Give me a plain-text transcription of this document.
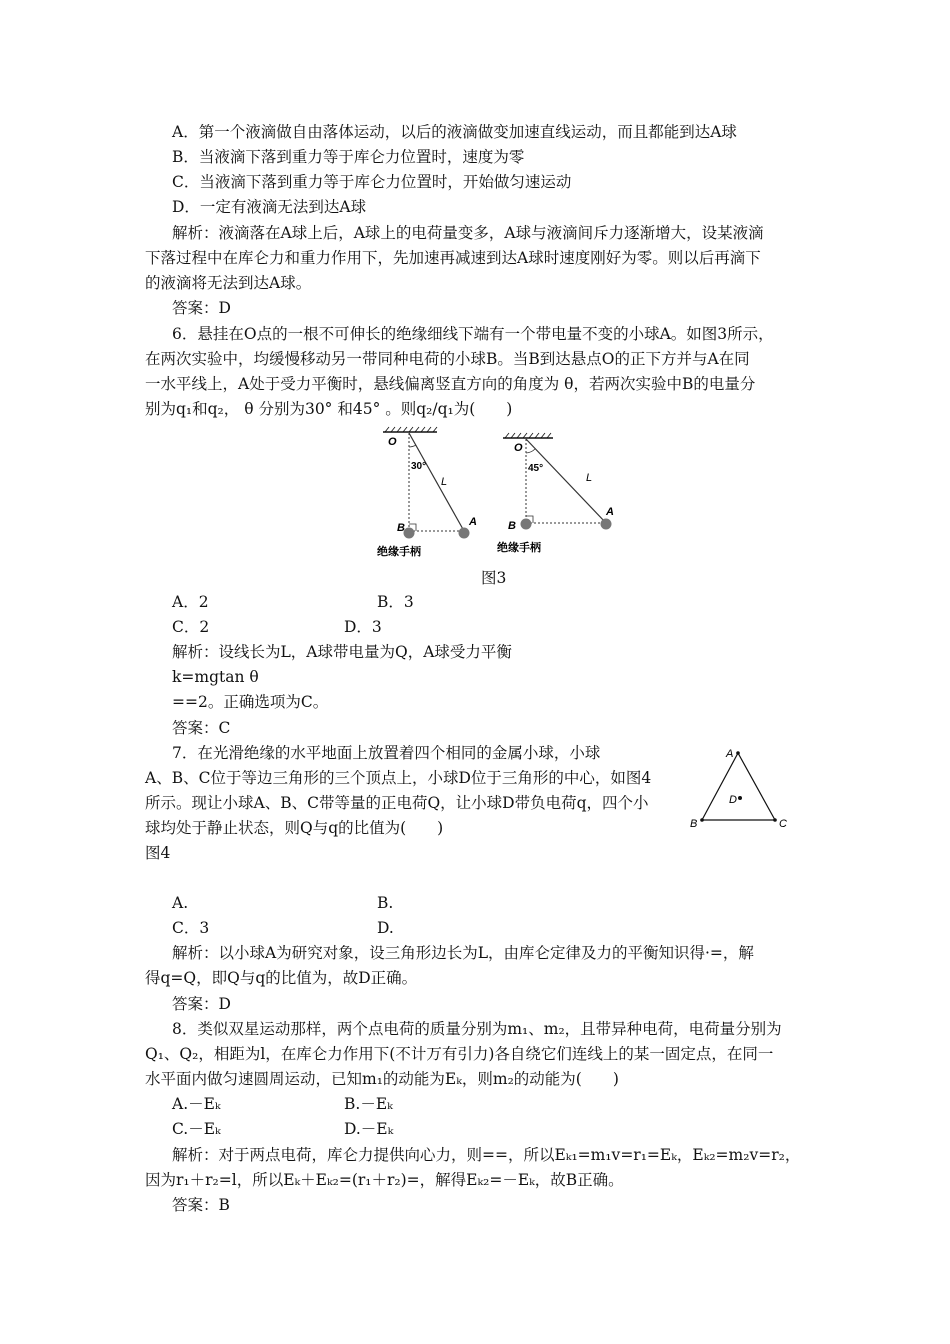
A．第一个液滴做自由落体运动，以后的液滴做变加速直线运动，而且都能到达A球
B．当液滴下落到重力等于库仑力位置时，速度为零
C．当液滴下落到重力等于库仑力位置时，开始做匀速运动
D．一定有液滴无法到达A球
解析：液滴落在A球上后，A球上的电荷量变多，A球与液滴间斥力逐渐增大，设某液滴
下落过程中在库仑力和重力作用下，先加速再减速到达A球时速度刚好为零。则以后再滴下
的液滴将无法到达A球。
答案：D
6．悬挂在O点的一根不可伸长的绝缘细线下端有一个带电量不变的小球A。如图3所示，
在两次实验中，均缓慢移动另一带同种电荷的小球B。当B到达悬点O的正下方并与A在同
一水平线上，A处于受力平衡时，悬线偏离竖直方向的角度为 θ，若两次实验中B的电量分
别为q₁和q₂， θ 分别为30° 和45° 。则q₂/q₁为(　　)
O
30°
L
B	A
绝缘手柄
O
45°
L
B
A
绝缘手柄
图3
A．2	B．3
C．2	D．3
解析：设线长为L，A球带电量为Q，A球受力平衡
k=mgtan θ
==2。正确选项为C。
答案：C
7．在光滑绝缘的水平地面上放置着四个相同的金属小球，小球
A、B、C位于等边三角形的三个顶点上，小球D位于三角形的中心，如图4
所示。现让小球A、B、C带等量的正电荷Q，让小球D带负电荷q，四个小
球均处于静止状态，则Q与q的比值为(　　)
图4
A
B	C
D
A.	B.
C．3	D.
解析：以小球A为研究对象，设三角形边长为L，由库仑定律及力的平衡知识得·=，解
得q=Q，即Q与q的比值为，故D正确。
答案：D
8．类似双星运动那样，两个点电荷的质量分别为m₁、m₂，且带异种电荷，电荷量分别为
Q₁、Q₂，相距为l，在库仑力作用下(不计万有引力)各自绕它们连线上的某一固定点，在同一
水平面内做匀速圆周运动，已知m₁的动能为Eₖ，则m₂的动能为(　　)
A.－Eₖ	B.－Eₖ
C.－Eₖ	D.－Eₖ
解析：对于两点电荷，库仑力提供向心力，则==，所以Eₖ₁=m₁v=r₁=Eₖ，Eₖ₂=m₂v=r₂，
因为r₁＋r₂=l，所以Eₖ＋Eₖ₂=(r₁＋r₂)=，解得Eₖ₂=－Eₖ，故B正确。
答案：B
